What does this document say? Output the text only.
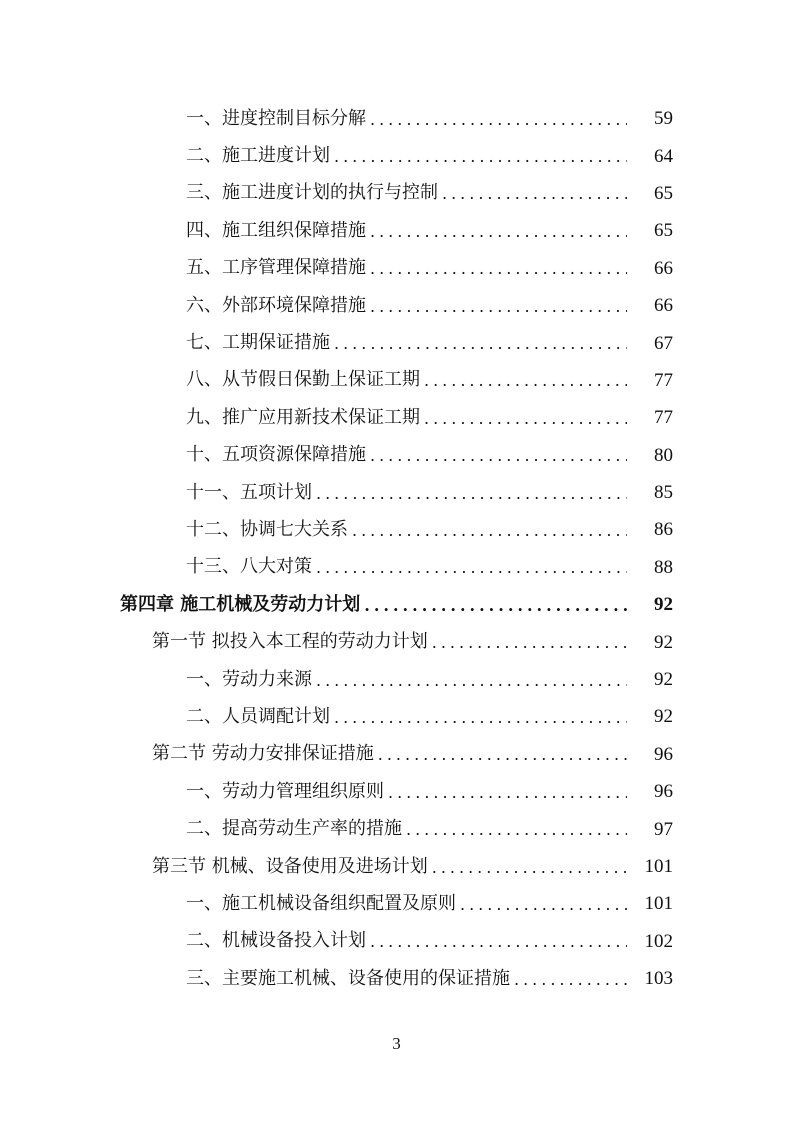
一、进度控制目标分解 .....	59
二、施工进度计划 .....	64
三、施工进度计划的执行与控制 .....	65
四、施工组织保障措施 .....	65
五、工序管理保障措施 .....	66
六、外部环境保障措施 .....	66
七、工期保证措施 .....	67
八、从节假日保勤上保证工期 .....	77
九、推广应用新技术保证工期 .....	77
十、五项资源保障措施 .....	80
十一、五项计划 .....	85
十二、协调七大关系 .....	86
十三、八大对策 .....	88
第四章 施工机械及劳动力计划 .....	92
第一节 拟投入本工程的劳动力计划 .....	92
一、劳动力来源 .....	92
二、人员调配计划 .....	92
第二节 劳动力安排保证措施 .....	96
一、劳动力管理组织原则 .....	96
二、提高劳动生产率的措施 .....	97
第三节 机械、设备使用及进场计划 .....	101
一、施工机械设备组织配置及原则 .....	101
二、机械设备投入计划 .....	102
三、主要施工机械、设备使用的保证措施 .....	103
3
